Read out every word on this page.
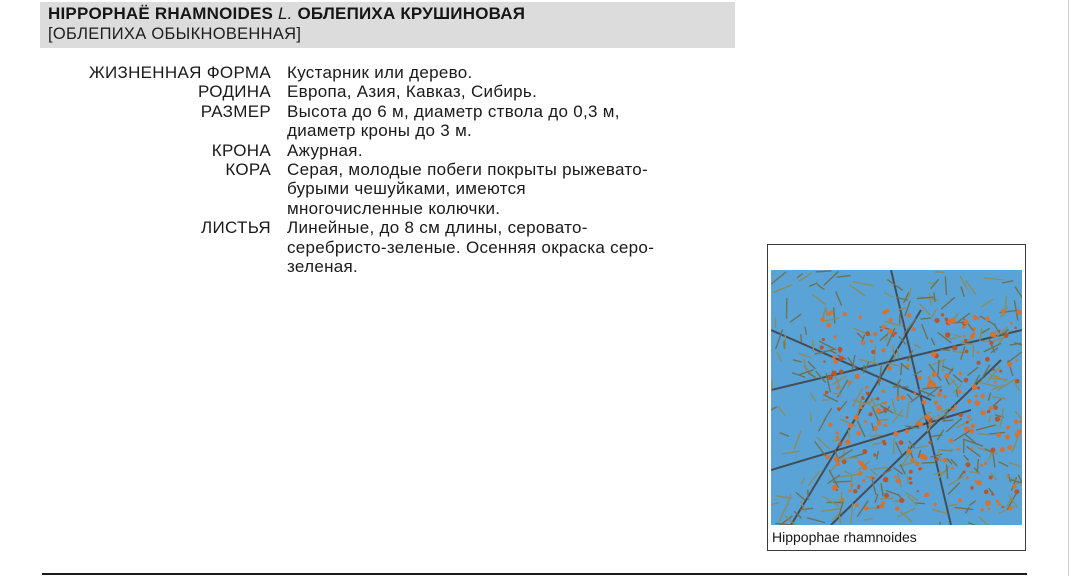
HIPPOPHAË RHAMNOIDES L. ОБЛЕПИХА КРУШИНОВАЯ
[ОБЛЕПИХА ОБЫКНОВЕННАЯ]
ЖИЗНЕННАЯ ФОРМА Кустарник или дерево.
РОДИНА Европа, Азия, Кавказ, Сибирь.
РАЗМЕР Высота до 6 м, диаметр ствола до 0,3 м,
диаметр кроны до 3 м.
КРОНА Ажурная.
КОРА Серая, молодые побеги покрыты рыжевато-
бурыми чешуйками, имеются
многочисленные колючки.
ЛИСТЬЯ Линейные, до 8 см длины, серовато-
серебристо-зеленые. Осенняя окраска серо-
зеленая.
Hippophae rhamnoides
